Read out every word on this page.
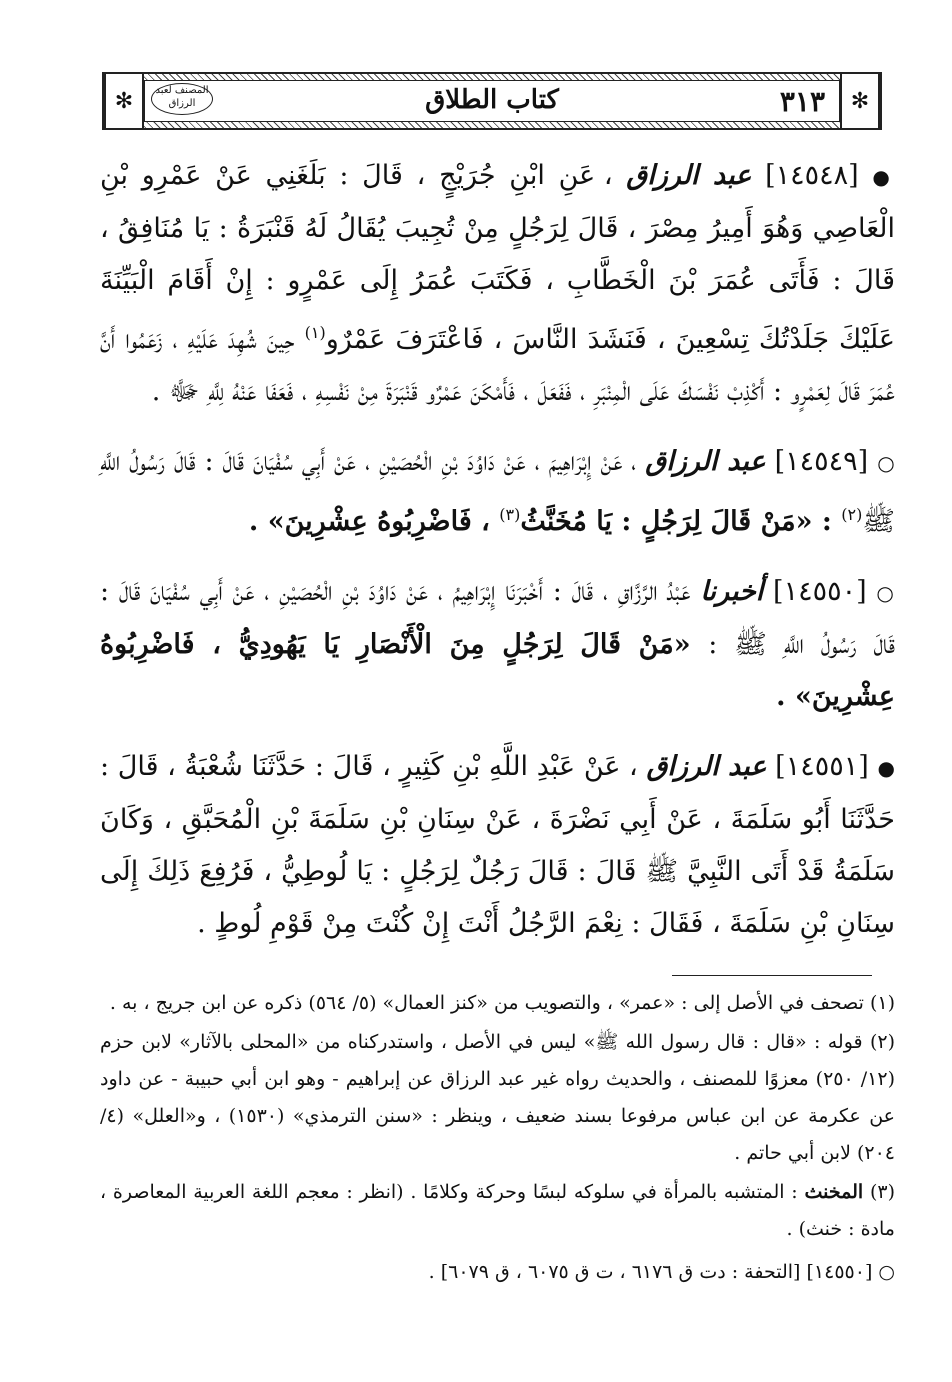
✻	✻
٣١٣
كتاب الطلاق
المصنف لعبد الرزاق

● [١٤٥٤٨] عبد الرزاق ، عَنِ ابْنِ جُرَيْجٍ ، قَالَ : بَلَغَنِي عَنْ عَمْرِو بْنِ الْعَاصِي وَهُوَ أَمِيرُ مِصْرَ ، قَالَ لِرَجُلٍ مِنْ تُجِيبَ يُقَالُ لَهُ قَنْبَرَةُ : يَا مُنَافِقُ ، قَالَ : فَأَتَى عُمَرَ بْنَ الْخَطَّابِ ، فَكَتَبَ عُمَرُ إِلَى عَمْرٍو : إِنْ أَقَامَ الْبَيِّنَةَ عَلَيْكَ جَلَدْتُكَ تِسْعِينَ ، فَنَشَدَ النَّاسَ ، فَاعْتَرَفَ عَمْرٌو$^{(١)}$ حِينَ شُهِدَ عَلَيْهِ ، زَعَمُوا أَنَّ عُمَرَ قَالَ لِعَمْرٍو : أَكْذِبْ نَفْسَكَ عَلَى الْمِنْبَرِ ، فَفَعَلَ ، فَأَمْكَنَ عَمْرٌو قَنْبَرَةَ مِنْ نَفْسِهِ ، فَعَفَا عَنْهُ لِلَّهِ ﷻ .

○ [١٤٥٤٩] عبد الرزاق ، عَنْ إِبْرَاهِيمَ ، عَنْ دَاوُدَ بْنِ الْحُصَيْنِ ، عَنْ أَبِي سُفْيَانَ قَالَ : قَالَ رَسُولُ اللَّهِ ﷺ$^{(٢)}$ : «مَنْ قَالَ لِرَجُلٍ : يَا مُخَنَّثُ$^{(٣)}$ ، فَاضْرِبُوهُ عِشْرِينَ» .

○ [١٤٥٥٠] أخبرنا عَبْدُ الرَّزَّاقِ ، قَالَ : أَخْبَرَنَا إِبْرَاهِيمُ ، عَنْ دَاوُدَ بْنِ الْحُصَيْنِ ، عَنْ أَبِي سُفْيَانَ قَالَ : قَالَ رَسُولُ اللَّهِ ﷺ : «مَنْ قَالَ لِرَجُلٍ مِنَ الْأَنْصَارِ يَا يَهُودِيُّ ، فَاضْرِبُوهُ عِشْرِينَ» .

● [١٤٥٥١] عبد الرزاق ، عَنْ عَبْدِ اللَّهِ بْنِ كَثِيرٍ ، قَالَ : حَدَّثَنَا شُعْبَةُ ، قَالَ : حَدَّثَنَا أَبُو سَلَمَةَ ، عَنْ أَبِي نَضْرَةَ ، عَنْ سِنَانِ بْنِ سَلَمَةَ بْنِ الْمُحَبَّقِ ، وَكَانَ سَلَمَةُ قَدْ أَتَى النَّبِيَّ ﷺ قَالَ : قَالَ رَجُلٌ لِرَجُلٍ : يَا لُوطِيُّ ، فَرُفِعَ ذَلِكَ إِلَى سِنَانِ بْنِ سَلَمَةَ ، فَقَالَ : نِعْمَ الرَّجُلُ أَنْتَ إِنْ كُنْتَ مِنْ قَوْمِ لُوطٍ .

(١) تصحف في الأصل إلى : «عمر» ، والتصويب من «كنز العمال» (٥/ ٥٦٤) ذكره عن ابن جريج ، به .

(٢) قوله : «قال : قال رسول الله ﷺ» ليس في الأصل ، واستدركناه من «المحلى بالآثار» لابن حزم (١٢/ ٢٥٠) معزوًا للمصنف ، والحديث رواه غير عبد الرزاق عن إبراهيم - وهو ابن أبي حبيبة - عن داود عن عكرمة عن ابن عباس مرفوعا بسند ضعيف ، وينظر : «سنن الترمذي» (١٥٣٠) ، و«العلل» (٤/ ٢٠٤) لابن أبي حاتم .

(٣) المخنث : المتشبه بالمرأة في سلوكه لبسًا وحركة وكلامًا . (انظر : معجم اللغة العربية المعاصرة ، مادة : خنث) .

○ [١٤٥٥٠] [التحفة : دت ق ٦١٧٦ ، ت ق ٦٠٧٥ ، ق ٦٠٧٩] .
